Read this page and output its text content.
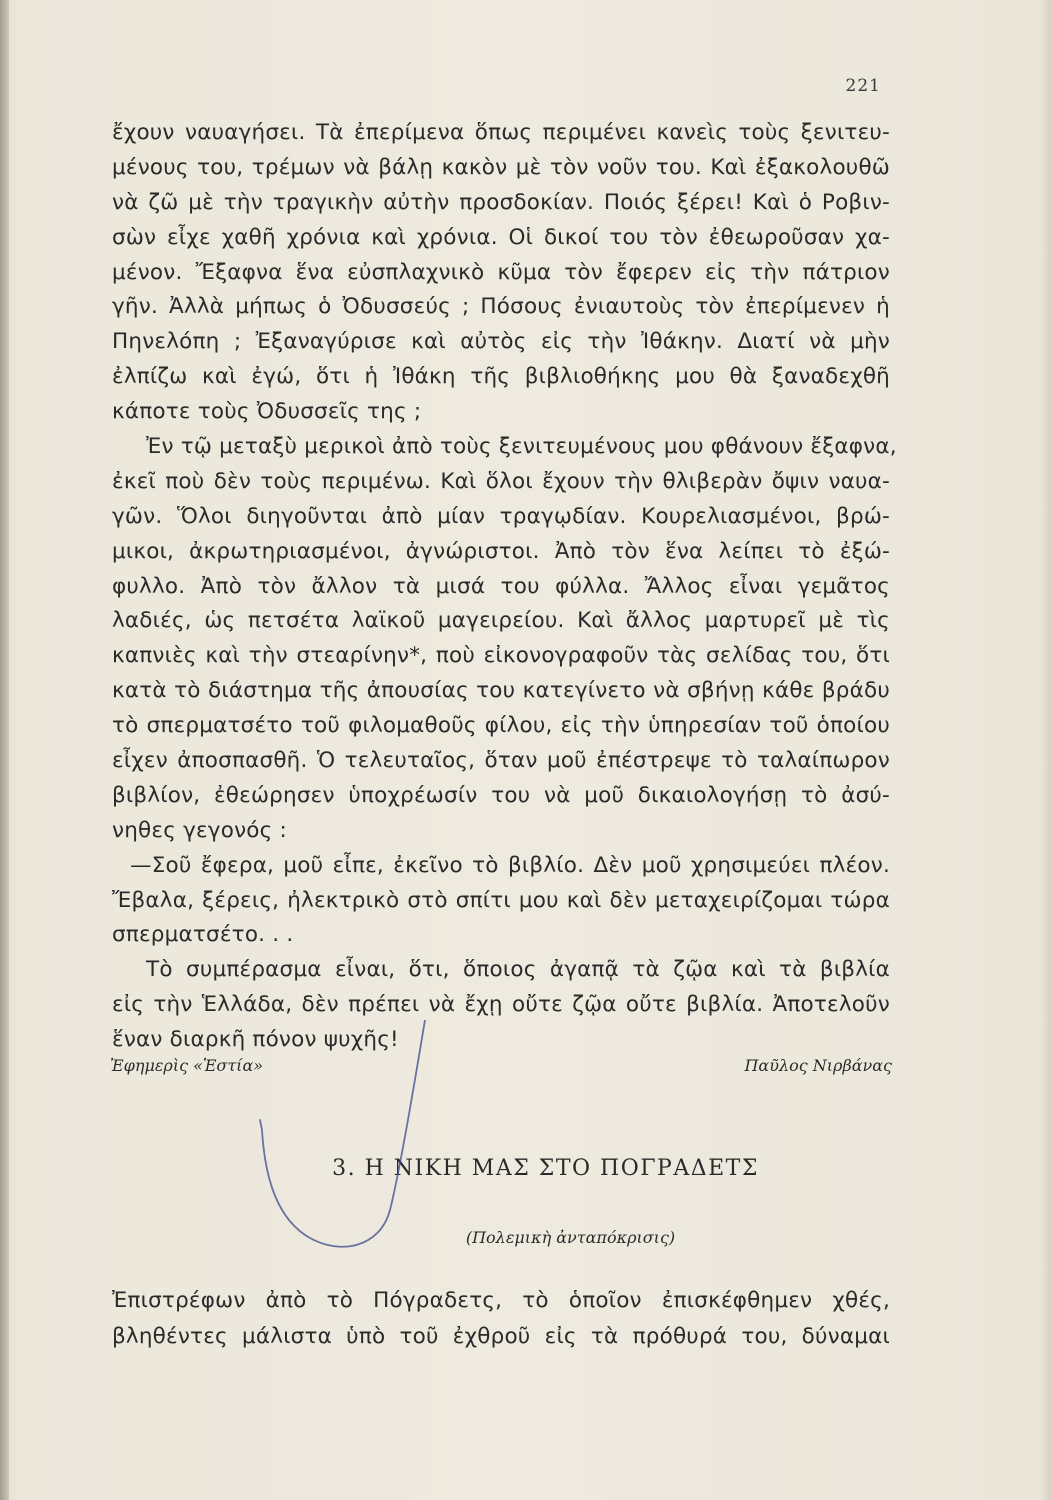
221
ἔχουν ναυαγήσει. Τὰ ἐπερίμενα ὅπως περιμένει κανεὶς τοὺς ξενιτευ-
μένους του, τρέμων νὰ βάλῃ κακὸν μὲ τὸν νοῦν του. Καὶ ἐξακολουθῶ
νὰ ζῶ μὲ τὴν τραγικὴν αὐτὴν προσδοκίαν. Ποιός ξέρει! Καὶ ὁ Ροβιν-
σὼν εἶχε χαθῆ χρόνια καὶ χρόνια. Οἱ δικοί του τὸν ἐθεωροῦσαν χα-
μένον. Ἔξαφνα ἕνα εὐσπλαχνικὸ κῦμα τὸν ἔφερεν εἰς τὴν πάτριον
γῆν. Ἀλλὰ μήπως ὁ Ὀδυσσεύς ; Πόσους ἐνιαυτοὺς τὸν ἐπερίμενεν ἡ
Πηνελόπη ; Ἐξαναγύρισε καὶ αὐτὸς εἰς τὴν Ἰθάκην. Διατί νὰ μὴν
ἐλπίζω καὶ ἐγώ, ὅτι ἡ Ἰθάκη τῆς βιβλιοθήκης μου θὰ ξαναδεχθῆ
κάποτε τοὺς Ὀδυσσεῖς της ;
Ἐν τῷ μεταξὺ μερικοὶ ἀπὸ τοὺς ξενιτευμένους μου φθάνουν ἔξαφνα,
ἐκεῖ ποὺ δὲν τοὺς περιμένω. Καὶ ὅλοι ἔχουν τὴν θλιβερὰν ὄψιν ναυα-
γῶν. Ὅλοι διηγοῦνται ἀπὸ μίαν τραγῳδίαν. Κουρελιασμένοι, βρώ-
μικοι, ἀκρωτηριασμένοι, ἀγνώριστοι. Ἀπὸ τὸν ἕνα λείπει τὸ ἐξώ-
φυλλο. Ἀπὸ τὸν ἄλλον τὰ μισά του φύλλα. Ἄλλος εἶναι γεμᾶτος
λαδιές, ὡς πετσέτα λαϊκοῦ μαγειρείου. Καὶ ἄλλος μαρτυρεῖ μὲ τὶς
καπνιὲς καὶ τὴν στεαρίνην*, ποὺ εἰκονογραφοῦν τὰς σελίδας του, ὅτι
κατὰ τὸ διάστημα τῆς ἀπουσίας του κατεγίνετο νὰ σβήνῃ κάθε βράδυ
τὸ σπερματσέτο τοῦ φιλομαθοῦς φίλου, εἰς τὴν ὑπηρεσίαν τοῦ ὁποίου
εἶχεν ἀποσπασθῆ. Ὁ τελευταῖος, ὅταν μοῦ ἐπέστρεψε τὸ ταλαίπωρον
βιβλίον, ἐθεώρησεν ὑποχρέωσίν του νὰ μοῦ δικαιολογήσῃ τὸ ἀσύ-
νηθες γεγονός :
—Σοῦ ἔφερα, μοῦ εἶπε, ἐκεῖνο τὸ βιβλίο. Δὲν μοῦ χρησιμεύει πλέον.
Ἔβαλα, ξέρεις, ἠλεκτρικὸ στὸ σπίτι μου καὶ δὲν μεταχειρίζομαι τώρα
σπερματσέτο. . .
Τὸ συμπέρασμα εἶναι, ὅτι, ὅποιος ἀγαπᾷ τὰ ζῷα καὶ τὰ βιβλία
εἰς τὴν Ἑλλάδα, δὲν πρέπει νὰ ἔχῃ οὔτε ζῷα οὔτε βιβλία. Ἀποτελοῦν
ἕναν διαρκῆ πόνον ψυχῆς!
Ἐφημερὶς «Ἑστία»	Παῦλος Νιρβάνας
3. Η ΝΙΚΗ ΜΑΣ ΣΤΟ ΠΟΓΡΑΔΕΤΣ
(Πολεμικὴ ἀνταπόκρισις)
Ἐπιστρέφων ἀπὸ τὸ Πόγραδετς, τὸ ὁποῖον ἐπισκέφθημεν χθές,
βληθέντες μάλιστα ὑπὸ τοῦ ἐχθροῦ εἰς τὰ πρόθυρά του, δύναμαι
